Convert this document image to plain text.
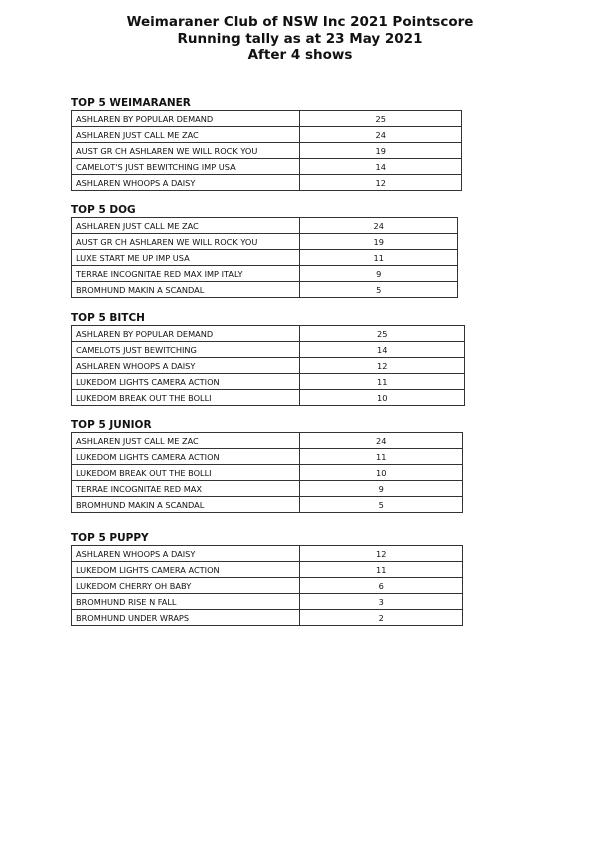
Weimaraner Club of NSW Inc 2021 Pointscore
Running tally as at 23 May 2021
After 4 shows
TOP 5 WEIMARANER
ASHLAREN BY POPULAR DEMAND	25
ASHLAREN JUST CALL ME ZAC	24
AUST GR CH ASHLAREN WE WILL ROCK YOU	19
CAMELOT'S JUST BEWITCHING IMP USA	14
ASHLAREN WHOOPS A DAISY	12
TOP 5 DOG
ASHLAREN JUST CALL ME ZAC	24
AUST GR CH ASHLAREN WE WILL ROCK YOU	19
LUXE START ME UP IMP USA	11
TERRAE INCOGNITAE RED MAX IMP ITALY	9
BROMHUND MAKIN A SCANDAL	5
TOP 5 BITCH
ASHLAREN BY POPULAR DEMAND	25
CAMELOTS JUST BEWITCHING	14
ASHLAREN WHOOPS A DAISY	12
LUKEDOM LIGHTS CAMERA ACTION	11
LUKEDOM BREAK OUT THE BOLLI	10
TOP 5 JUNIOR
ASHLAREN JUST CALL ME ZAC	24
LUKEDOM LIGHTS CAMERA ACTION	11
LUKEDOM BREAK OUT THE BOLLI	10
TERRAE INCOGNITAE RED MAX	9
BROMHUND MAKIN A SCANDAL	5
TOP 5 PUPPY
ASHLAREN WHOOPS A DAISY	12
LUKEDOM LIGHTS CAMERA ACTION	11
LUKEDOM CHERRY OH BABY	6
BROMHUND RISE N FALL	3
BROMHUND UNDER WRAPS	2
